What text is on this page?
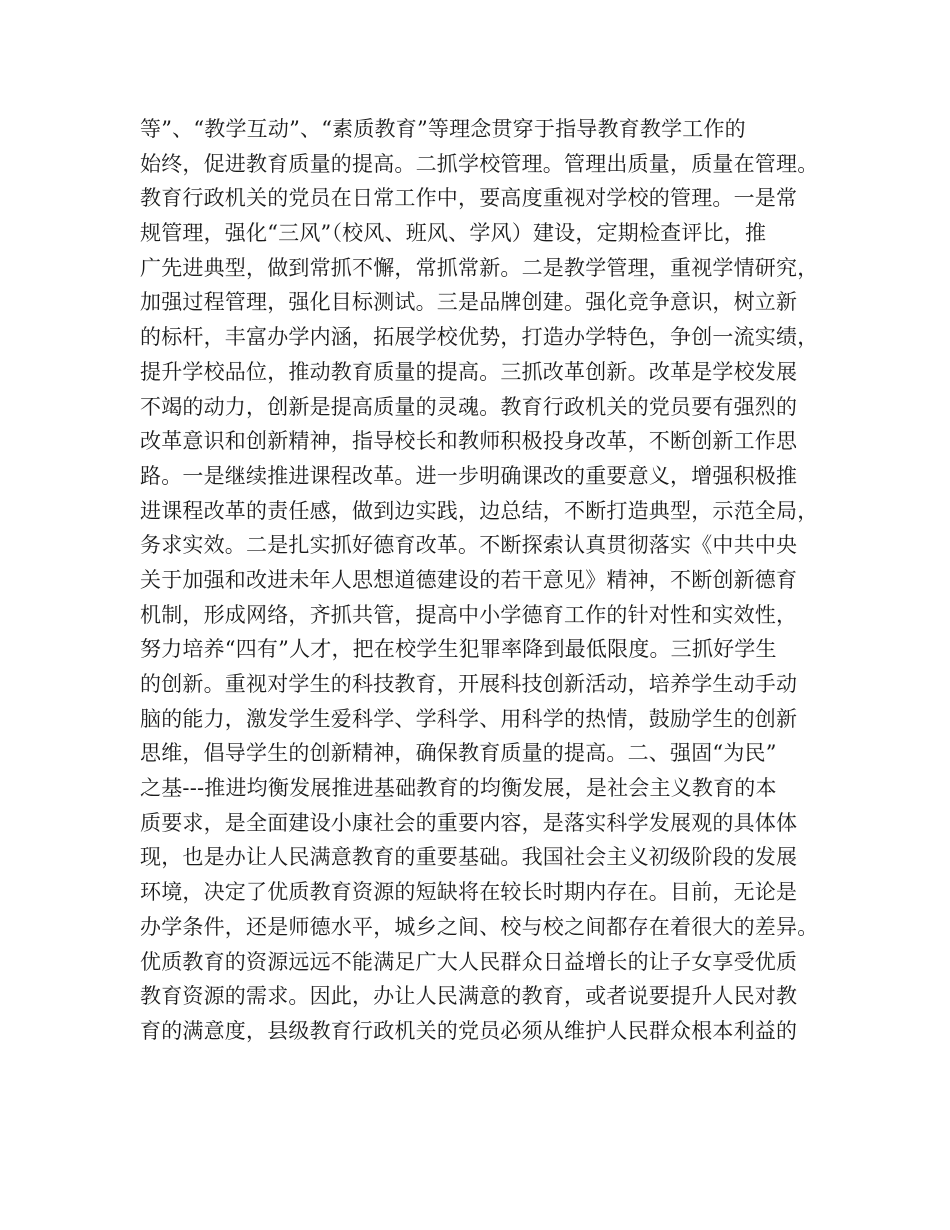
等”、“教学互动”、“素质教育”等理念贯穿于指导教育教学工作的
始终，促进教育质量的提高。二抓学校管理。管理出质量，质量在管理。
教育行政机关的党员在日常工作中，要高度重视对学校的管理。一是常
规管理，强化“三风”（校风、班风、学风）建设，定期检查评比，推
广先进典型，做到常抓不懈，常抓常新。二是教学管理，重视学情研究，
加强过程管理，强化目标测试。三是品牌创建。强化竞争意识，树立新
的标杆，丰富办学内涵，拓展学校优势，打造办学特色，争创一流实绩，
提升学校品位，推动教育质量的提高。三抓改革创新。改革是学校发展
不竭的动力，创新是提高质量的灵魂。教育行政机关的党员要有强烈的
改革意识和创新精神，指导校长和教师积极投身改革，不断创新工作思
路。一是继续推进课程改革。进一步明确课改的重要意义，增强积极推
进课程改革的责任感，做到边实践，边总结，不断打造典型，示范全局，
务求实效。二是扎实抓好德育改革。不断探索认真贯彻落实《中共中央
关于加强和改进未年人思想道德建设的若干意见》精神，不断创新德育
机制，形成网络，齐抓共管，提高中小学德育工作的针对性和实效性，
努力培养“四有”人才，把在校学生犯罪率降到最低限度。三抓好学生
的创新。重视对学生的科技教育，开展科技创新活动，培养学生动手动
脑的能力，激发学生爱科学、学科学、用科学的热情，鼓励学生的创新
思维，倡导学生的创新精神，确保教育质量的提高。二、强固“为民”
之基---推进均衡发展推进基础教育的均衡发展，是社会主义教育的本
质要求，是全面建设小康社会的重要内容，是落实科学发展观的具体体
现，也是办让人民满意教育的重要基础。我国社会主义初级阶段的发展
环境，决定了优质教育资源的短缺将在较长时期内存在。目前，无论是
办学条件，还是师德水平，城乡之间、校与校之间都存在着很大的差异。
优质教育的资源远远不能满足广大人民群众日益增长的让子女享受优质
教育资源的需求。因此，办让人民满意的教育，或者说要提升人民对教
育的满意度，县级教育行政机关的党员必须从维护人民群众根本利益的
